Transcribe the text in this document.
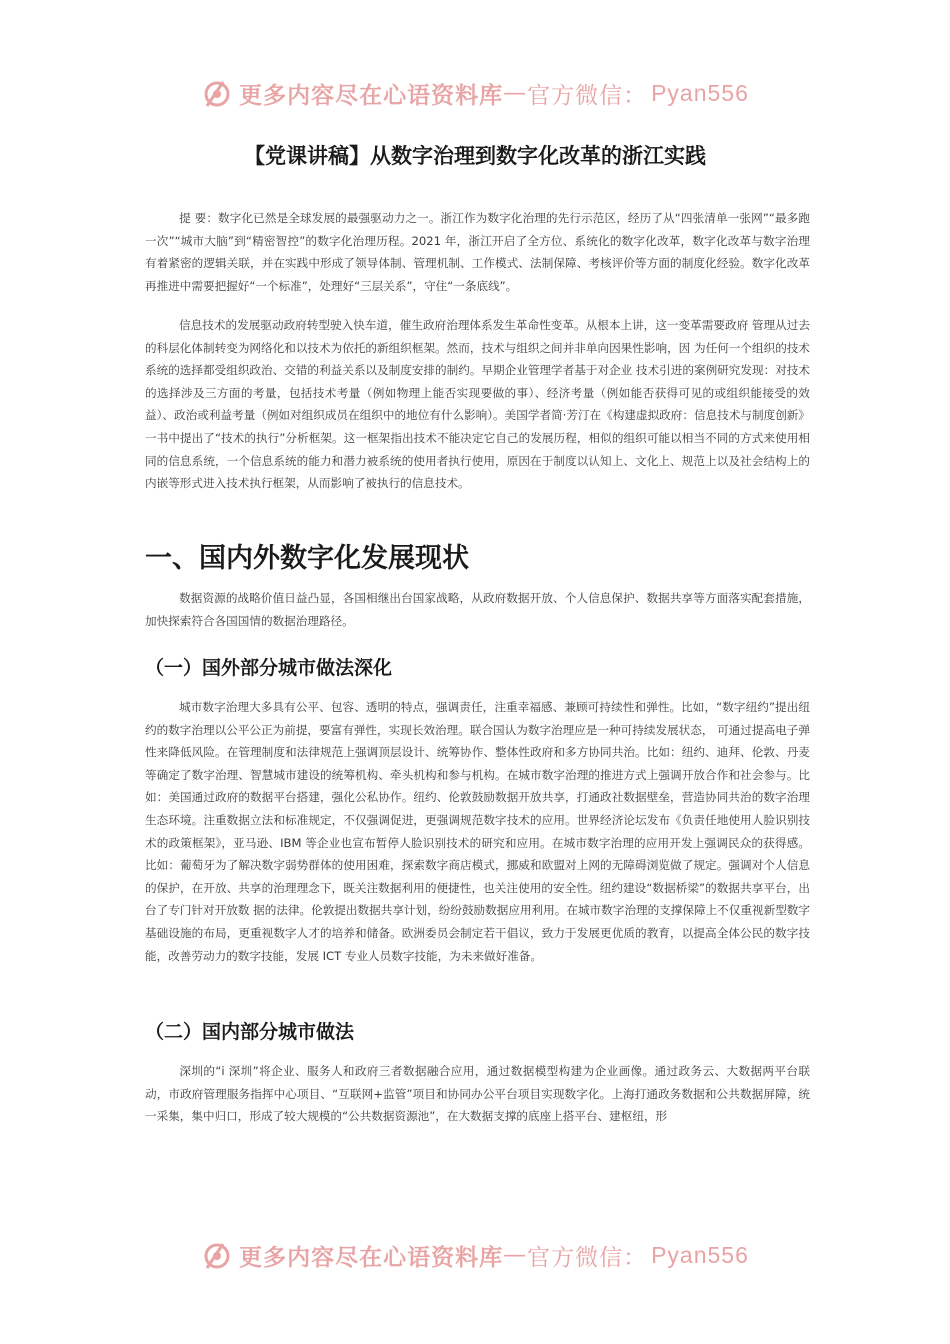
更多内容尽在心语资料库 — 官方微信： Pyan556
【党课讲稿】从数字治理到数字化改革的浙江实践

提 要：数字化已然是全球发展的最强驱动力之一。浙江作为数字化治理的先行示范区，经历了从“四张清单一张网”“最多跑一次”“城市大脑”到“精密智控”的数字化治理历程。2021 年，浙江开启了全方位、系统化的数字化改革，数字化改革与数字治理有着紧密的逻辑关联，并在实践中形成了领导体制、管理机制、工作模式、法制保障、考核评价等方面的制度化经验。数字化改革再推进中需要把握好“一个标准”，处理好“三层关系”，守住“一条底线”。

信息技术的发展驱动政府转型驶入快车道，催生政府治理体系发生革命性变革。从根本上讲，这一变革需要政府 管理从过去的科层化体制转变为网络化和以技术为依托的新组织框架。然而，技术与组织之间并非单向因果性影响，因 为任何一个组织的技术系统的选择都受组织政治、交错的利益关系以及制度安排的制约。早期企业管理学者基于对企业 技术引进的案例研究发现：对技术的选择涉及三方面的考量，包括技术考量（例如物理上能否实现要做的事）、经济考量（例如能否获得可见的或组织能接受的效益）、政治或利益考量（例如对组织成员在组织中的地位有什么影响）。美国学者简·芳汀在《构建虚拟政府：信息技术与制度创新》一书中提出了“技术的执行”分析框架。这一框架指出技术不能决定它自己的发展历程，相似的组织可能以相当不同的方式来使用相同的信息系统，一个信息系统的能力和潜力被系统的使用者执行使用，原因在于制度以认知上、文化上、规范上以及社会结构上的内嵌等形式进入技术执行框架，从而影响了被执行的信息技术。

一、国内外数字化发展现状

数据资源的战略价值日益凸显，各国相继出台国家战略，从政府数据开放、个人信息保护、数据共享等方面落实配套措施，加快探索符合各国国情的数据治理路径。

（一）国外部分城市做法深化

城市数字治理大多具有公平、包容、透明的特点，强调责任，注重幸福感、兼顾可持续性和弹性。比如，“数字纽约”提出纽约的数字治理以公平公正为前提，要富有弹性，实现长效治理。联合国认为数字治理应是一种可持续发展状态， 可通过提高电子弹性来降低风险。在管理制度和法律规范上强调顶层设计、统筹协作、整体性政府和多方协同共治。比如：纽约、迪拜、伦敦、丹麦等确定了数字治理、智慧城市建设的统筹机构、牵头机构和参与机构。在城市数字治理的推进方式上强调开放合作和社会参与。比如：美国通过政府的数据平台搭建，强化公私协作。纽约、伦敦鼓励数据开放共享，打通政社数据壁垒，营造协同共治的数字治理生态环境。注重数据立法和标准规定，不仅强调促进，更强调规范数字技术的应用。世界经济论坛发布《负责任地使用人脸识别技术的政策框架》，亚马逊、IBM 等企业也宣布暂停人脸识别技术的研究和应用。在城市数字治理的应用开发上强调民众的获得感。比如：葡萄牙为了解决数字弱势群体的使用困难，探索数字商店模式，挪威和欧盟对上网的无障碍浏览做了规定。强调对个人信息的保护，在开放、共享的治理理念下，既关注数据利用的便捷性，也关注使用的安全性。纽约建设“数据桥梁”的数据共享平台，出台了专门针对开放数 据的法律。伦敦提出数据共享计划，纷纷鼓励数据应用利用。在城市数字治理的支撑保障上不仅重视新型数字基础设施的布局，更重视数字人才的培养和储备。欧洲委员会制定若干倡议，致力于发展更优质的教育，以提高全体公民的数字技能，改善劳动力的数字技能，发展 ICT 专业人员数字技能，为未来做好准备。

（二）国内部分城市做法

深圳的“i 深圳”将企业、服务人和政府三者数据融合应用，通过数据模型构建为企业画像。通过政务云、大数据两平台联动，市政府管理服务指挥中心项目、“互联网+监管”项目和协同办公平台项目实现数字化。上海打通政务数据和公共数据屏障，统一采集，集中归口，形成了较大规模的“公共数据资源池”，在大数据支撑的底座上搭平台、建枢纽，形

更多内容尽在心语资料库 — 官方微信： Pyan556
